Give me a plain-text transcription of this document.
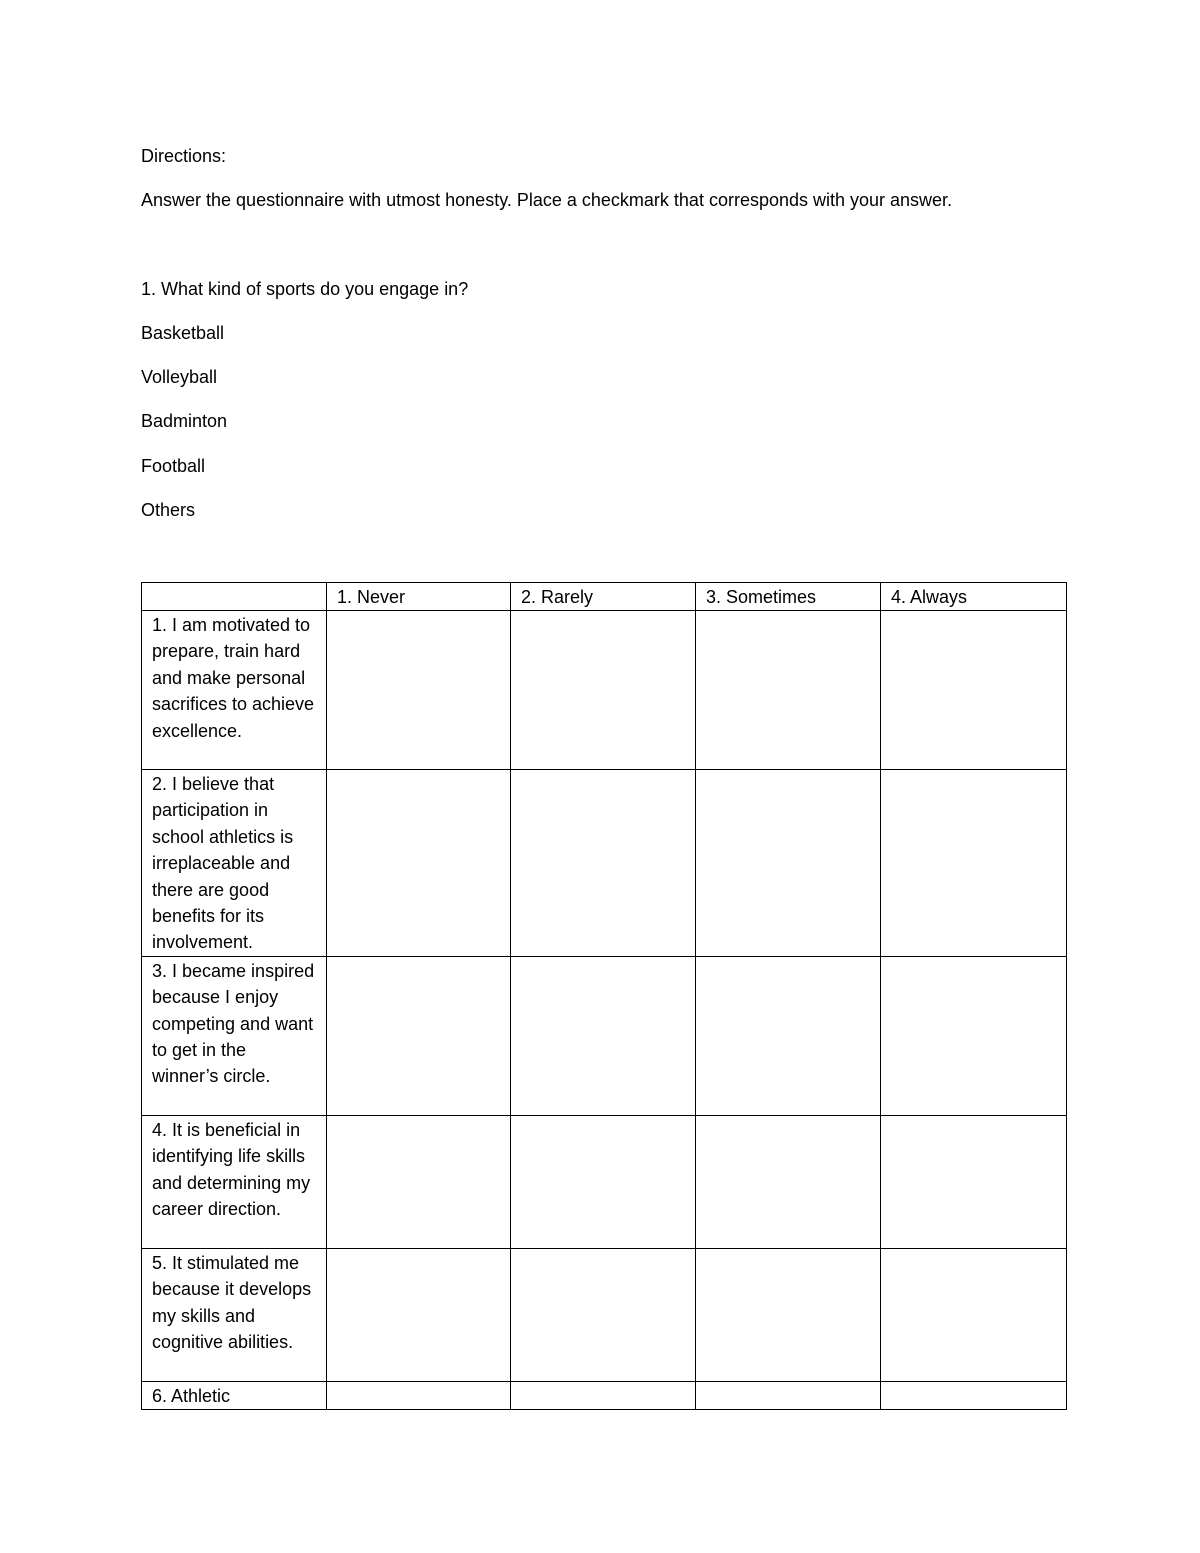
Directions:
Answer the questionnaire with utmost honesty. Place a checkmark that corresponds with your answer.
1. What kind of sports do you engage in?
Basketball
Volleyball
Badminton
Football
Others
	1. Never	2. Rarely	3. Sometimes	4. Always
1. I am motivated to prepare, train hard and make personal sacrifices to achieve excellence.				
2. I believe that participation in school athletics is irreplaceable and there are good benefits for its involvement.				
3. I became inspired because I enjoy competing and want to get in the winner’s circle.				
4. It is beneficial in identifying life skills and determining my career direction.				
5. It stimulated me because it develops my skills and cognitive abilities.				
6. Athletic				
